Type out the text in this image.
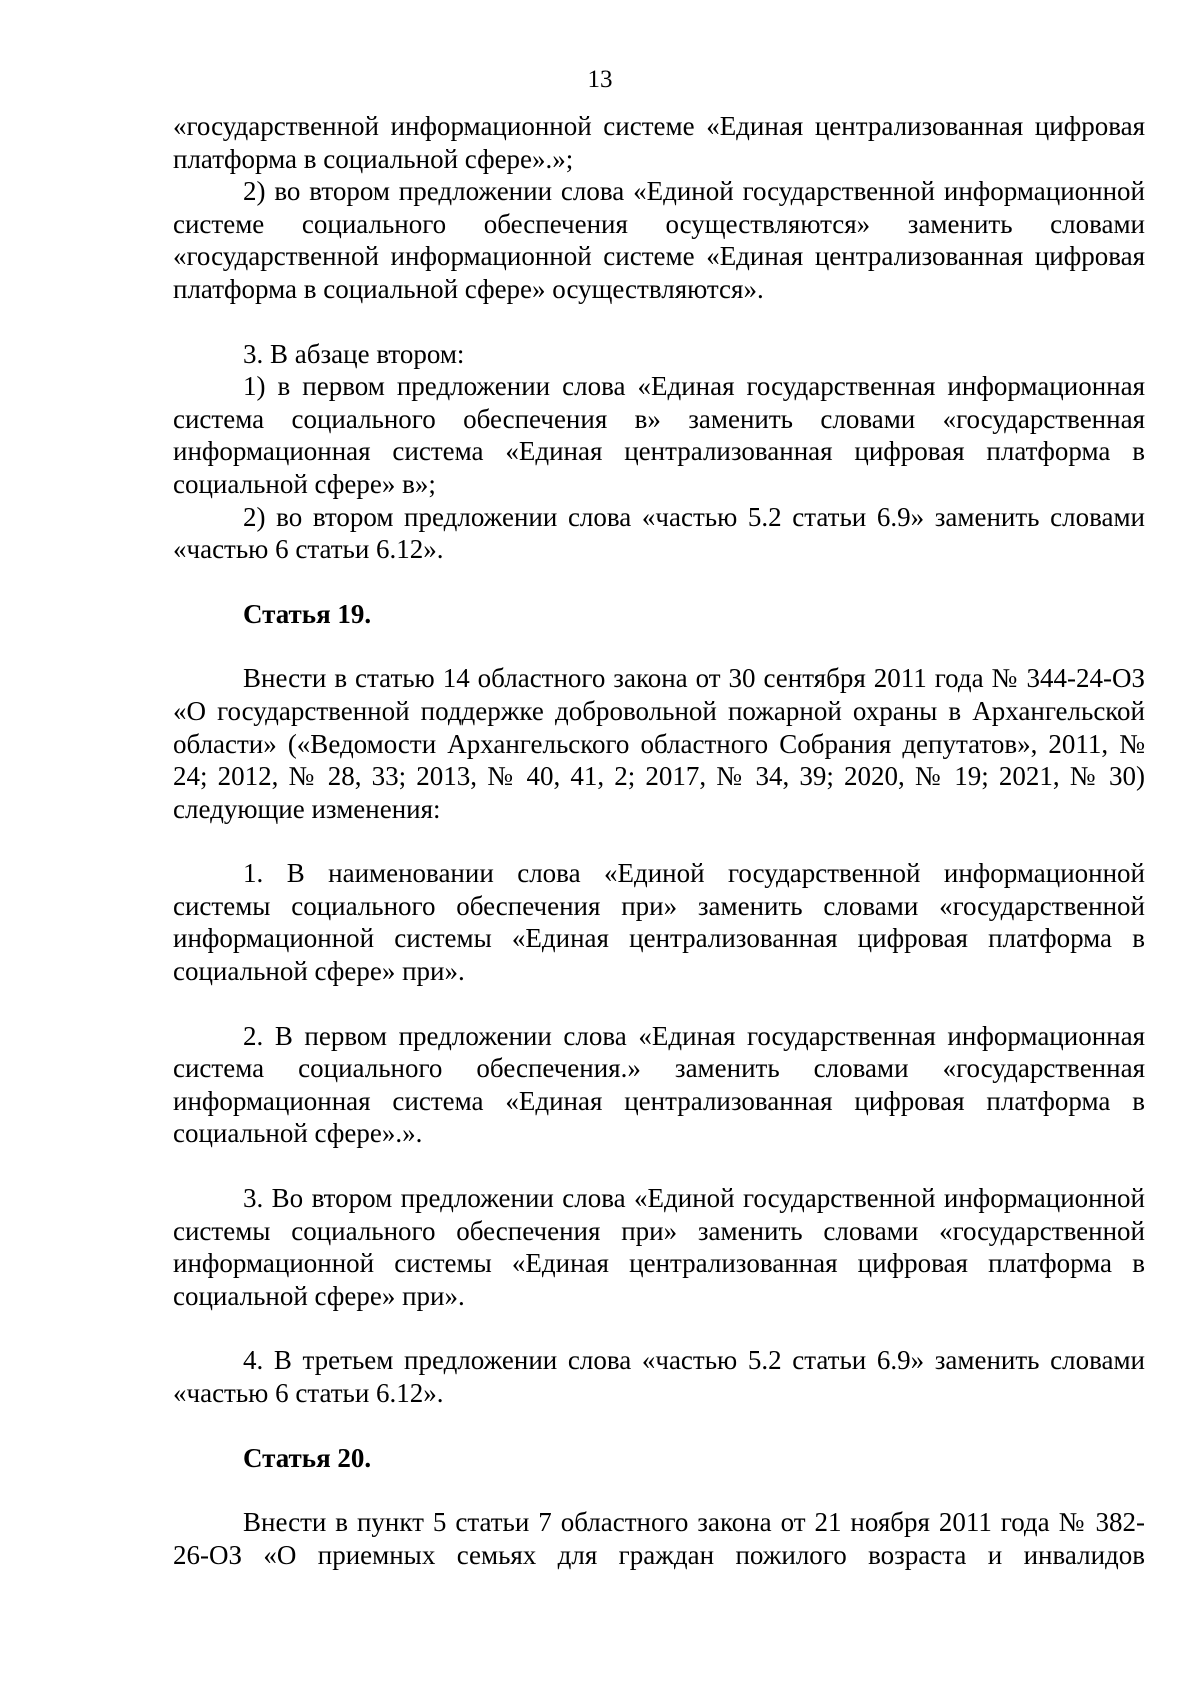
13

«государственной информационной системе «Единая централизованная цифровая платформа в социальной сфере».»;

2) во втором предложении слова «Единой государственной информационной системе социального обеспечения осуществляются» заменить словами «государственной информационной системе «Единая централизованная цифровая платформа в социальной сфере» осуществляются».

3. В абзаце втором:

1) в первом предложении слова «Единая государственная информационная система социального обеспечения в» заменить словами «государственная информационная система «Единая централизованная цифровая платформа в социальной сфере» в»;

2) во втором предложении слова «частью 5.2 статьи 6.9» заменить словами «частью 6 статьи 6.12».

Статья 19.

Внести в статью 14 областного закона от 30 сентября 2011 года № 344-24-ОЗ «О государственной поддержке добровольной пожарной охраны в Архангельской области» («Ведомости Архангельского областного Собрания депутатов», 2011, № 24; 2012, № 28, 33; 2013, № 40, 41, 2; 2017, № 34, 39; 2020, № 19; 2021, № 30) следующие изменения:

1. В наименовании слова «Единой государственной информационной системы социального обеспечения при» заменить словами «государственной информационной системы «Единая централизованная цифровая платформа в социальной сфере» при».

2. В первом предложении слова «Единая государственная информационная система социального обеспечения.» заменить словами «государственная информационная система «Единая централизованная цифровая платформа в социальной сфере».».

3. Во втором предложении слова «Единой государственной информационной системы социального обеспечения при» заменить словами «государственной информационной системы «Единая централизованная цифровая платформа в социальной сфере» при».

4. В третьем предложении слова «частью 5.2 статьи 6.9» заменить словами «частью 6 статьи 6.12».

Статья 20.

Внести в пункт 5 статьи 7 областного закона от 21 ноября 2011 года № 382-26-ОЗ «О приемных семьях для граждан пожилого возраста и инвалидов
